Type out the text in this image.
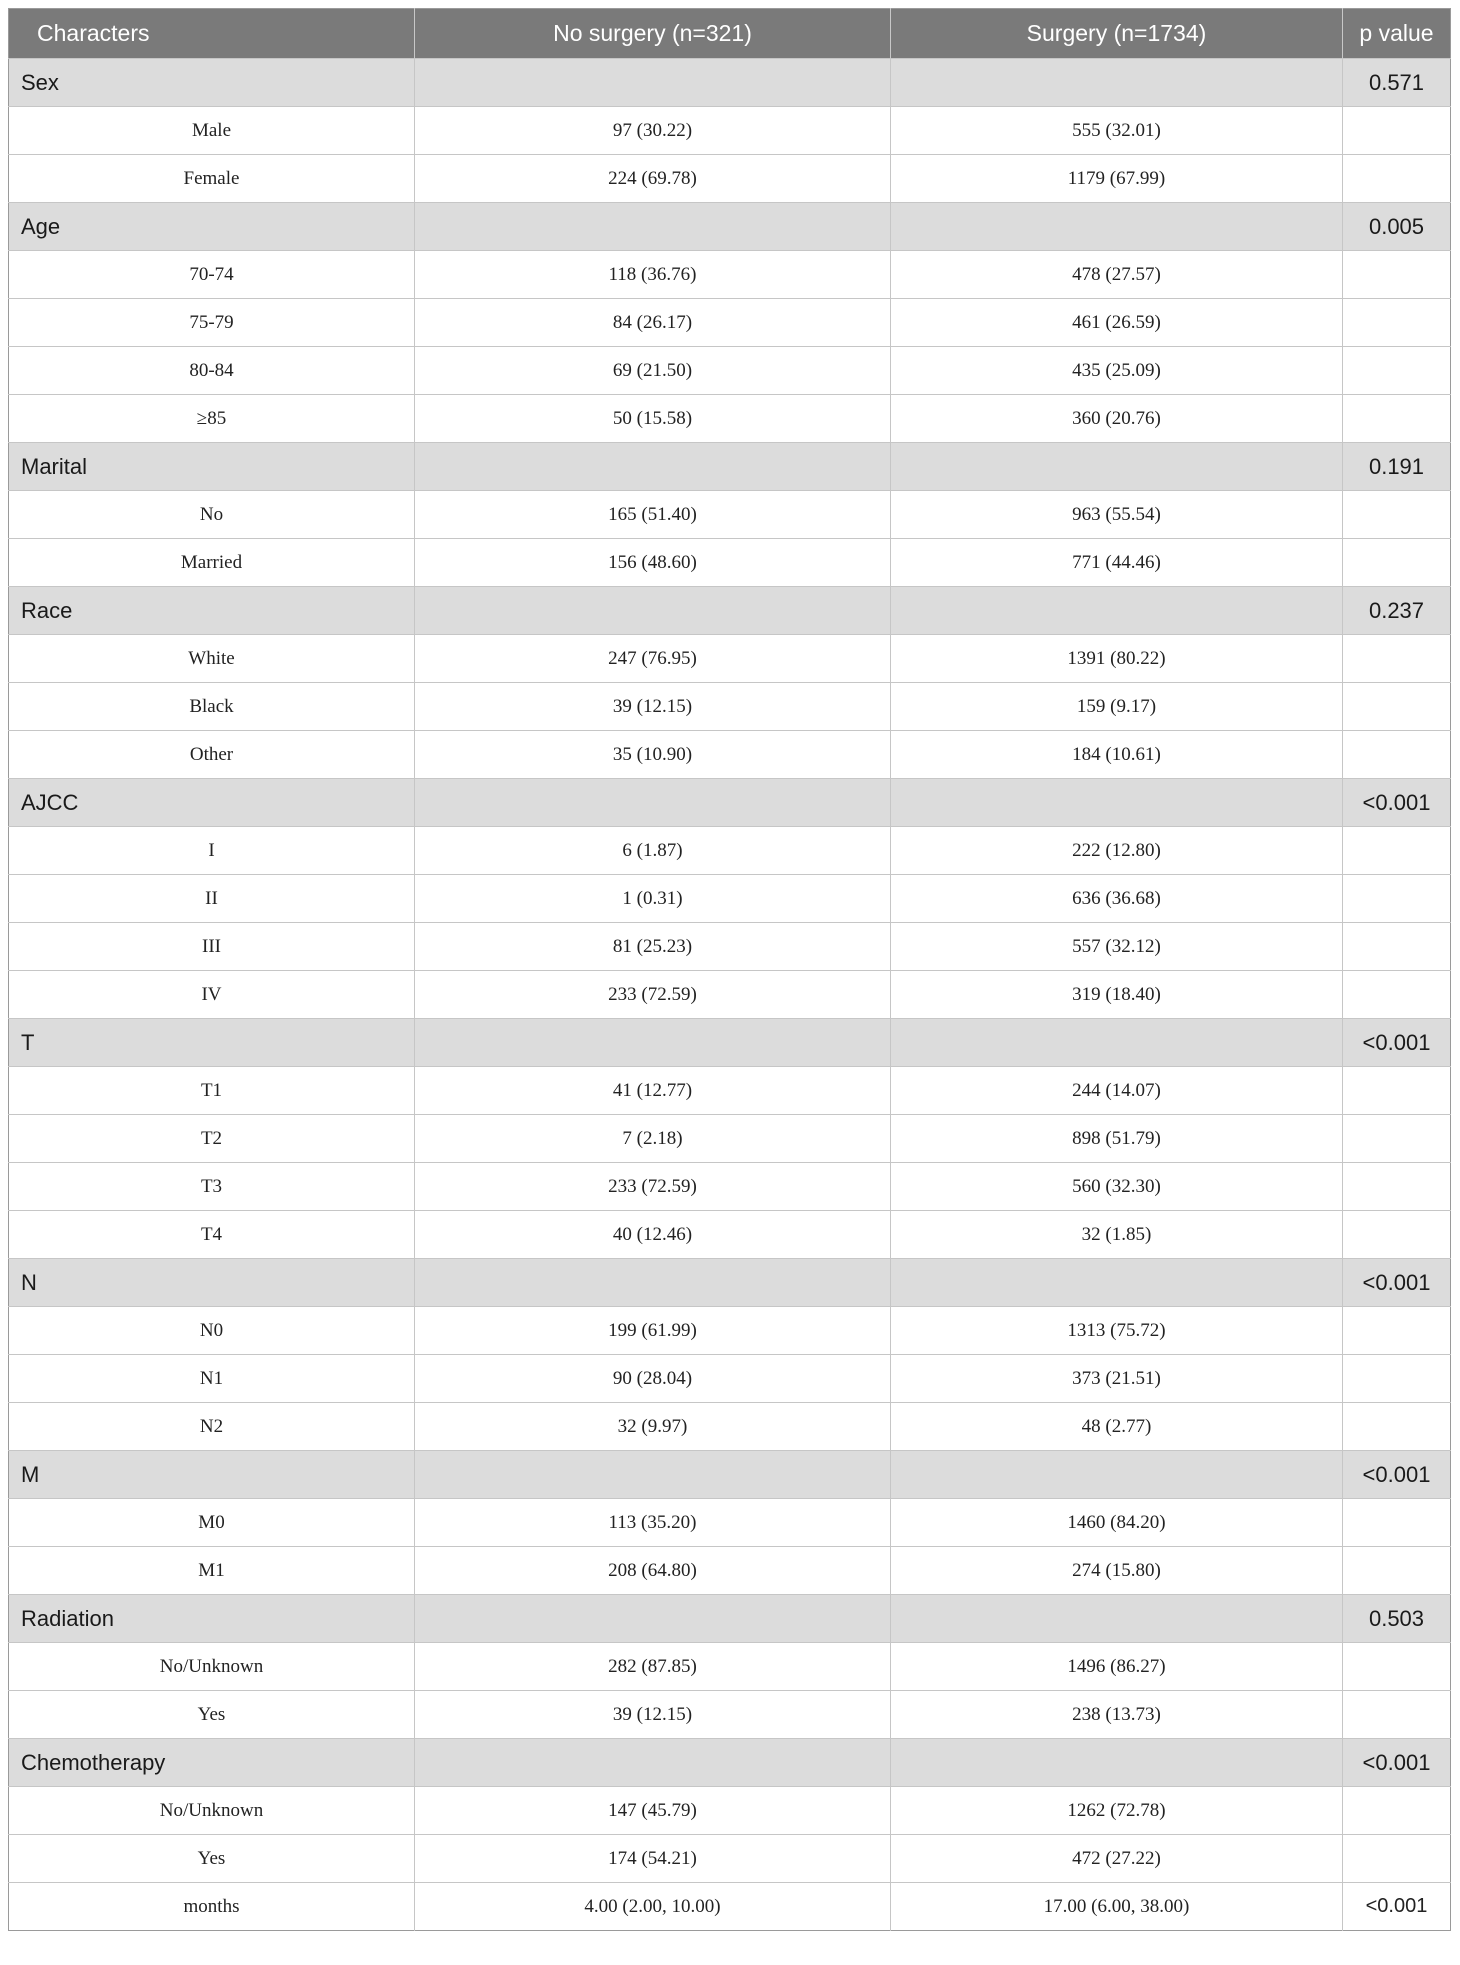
Characters	No surgery (n=321)	Surgery (n=1734)	p value
Sex			0.571
Male	97 (30.22)	555 (32.01)	
Female	224 (69.78)	1179 (67.99)	
Age			0.005
70-74	118 (36.76)	478 (27.57)	
75-79	84 (26.17)	461 (26.59)	
80-84	69 (21.50)	435 (25.09)	
≥85	50 (15.58)	360 (20.76)	
Marital			0.191
No	165 (51.40)	963 (55.54)	
Married	156 (48.60)	771 (44.46)	
Race			0.237
White	247 (76.95)	1391 (80.22)	
Black	39 (12.15)	159 (9.17)	
Other	35 (10.90)	184 (10.61)	
AJCC			<0.001
I	6 (1.87)	222 (12.80)	
II	1 (0.31)	636 (36.68)	
III	81 (25.23)	557 (32.12)	
IV	233 (72.59)	319 (18.40)	
T			<0.001
T1	41 (12.77)	244 (14.07)	
T2	7 (2.18)	898 (51.79)	
T3	233 (72.59)	560 (32.30)	
T4	40 (12.46)	32 (1.85)	
N			<0.001
N0	199 (61.99)	1313 (75.72)	
N1	90 (28.04)	373 (21.51)	
N2	32 (9.97)	48 (2.77)	
M			<0.001
M0	113 (35.20)	1460 (84.20)	
M1	208 (64.80)	274 (15.80)	
Radiation			0.503
No/Unknown	282 (87.85)	1496 (86.27)	
Yes	39 (12.15)	238 (13.73)	
Chemotherapy			<0.001
No/Unknown	147 (45.79)	1262 (72.78)	
Yes	174 (54.21)	472 (27.22)	
months	4.00 (2.00, 10.00)	17.00 (6.00, 38.00)	<0.001
